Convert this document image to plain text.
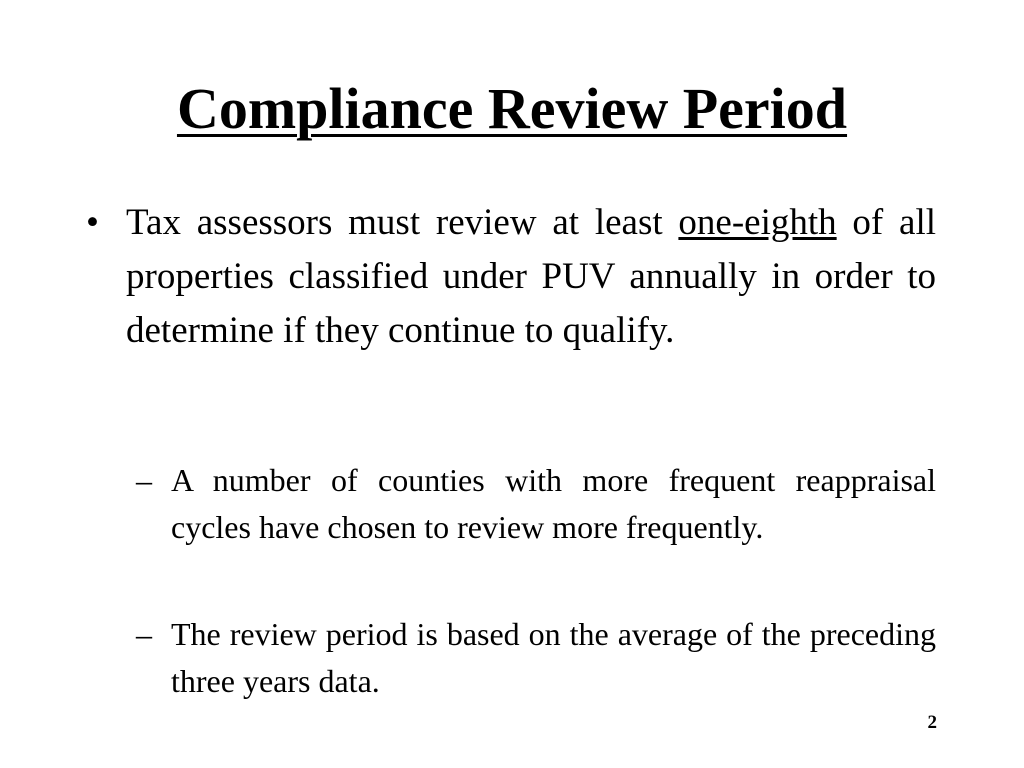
Compliance Review Period
• Tax assessors must review at least one-eighth of all properties classified under PUV annually in order to determine if they continue to qualify.
– A number of counties with more frequent reappraisal cycles have chosen to review more frequently.
– The review period is based on the average of the preceding three years data.
2
